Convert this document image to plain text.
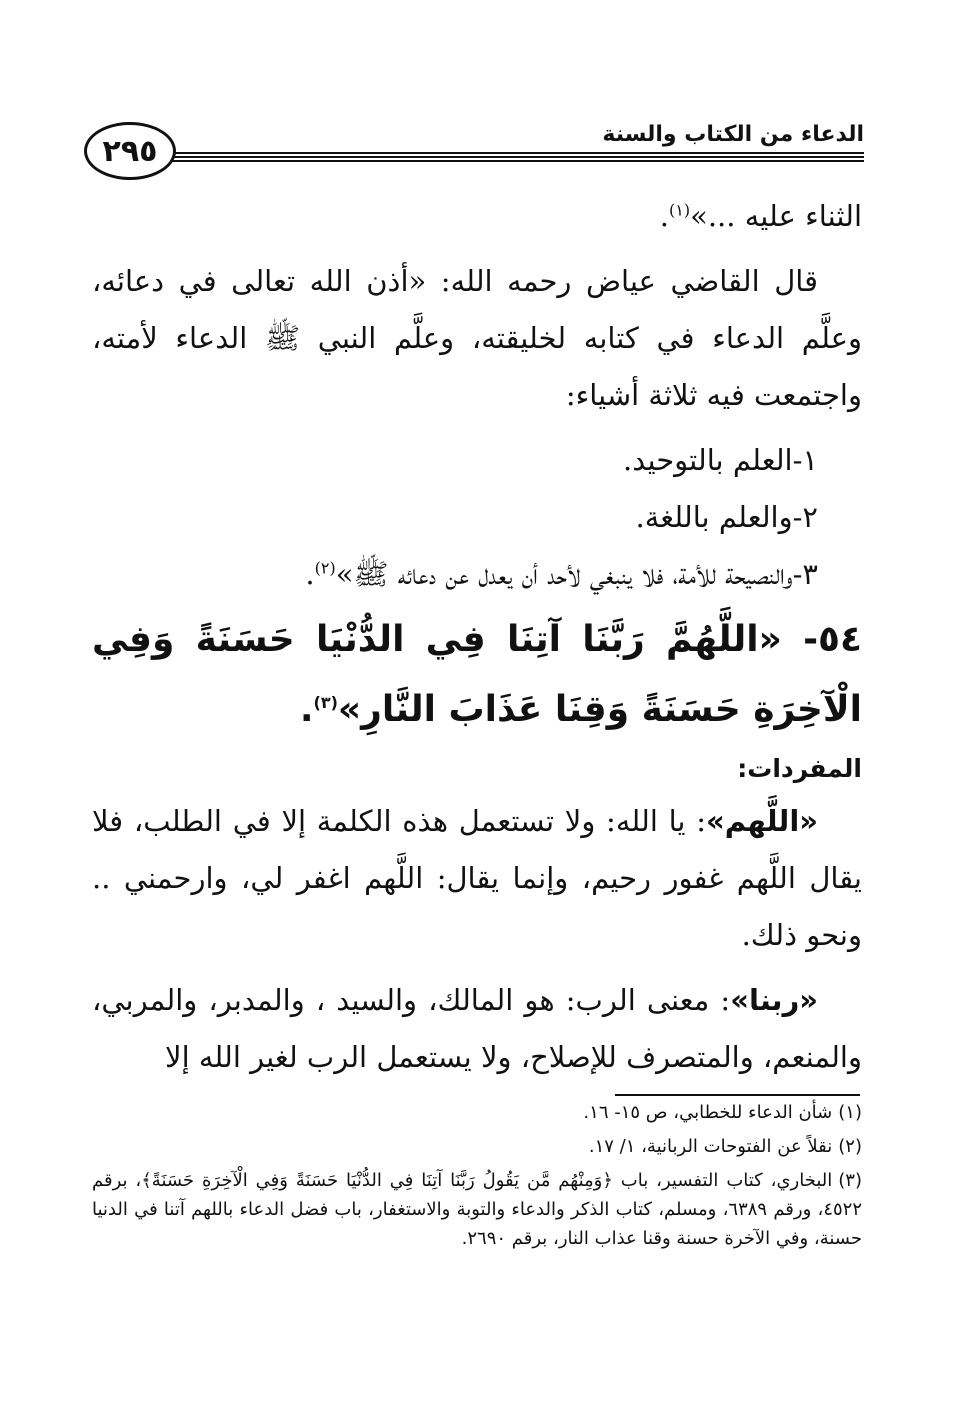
الدعاء من الكتاب والسنة
٢٩٥

الثناء عليه ...»$^{(١)}$.

قال القاضي عياض رحمه الله: «أذن الله تعالى في دعائه، وعلَّم الدعاء في كتابه لخليقته، وعلَّم النبي ﷺ الدعاء لأمته، واجتمعت فيه ثلاثة أشياء:

١-العلم بالتوحيد.

٢-والعلم باللغة.

٣-والنصيحة للأمة، فلا ينبغي لأحد أن يعدل عن دعائه ﷺ»$^{(٢)}$.

٥٤- «اللَّهُمَّ رَبَّنَا آتِنَا فِي الدُّنْيَا حَسَنَةً وَفِي الْآخِرَةِ حَسَنَةً وَقِنَا عَذَابَ النَّارِ»$^{(٣)}$.

المفردات:

«اللَّهم»: يا الله: ولا تستعمل هذه الكلمة إلا في الطلب، فلا يقال اللَّهم غفور رحيم، وإنما يقال: اللَّهم اغفر لي، وارحمني .. ونحو ذلك.

«ربنا»: معنى الرب: هو المالك، والسيد ، والمدبر، والمربي، والمنعم، والمتصرف للإصلاح، ولا يستعمل الرب لغير الله إلا

(١)شأن الدعاء للخطابي، ص ١٥- ١٦.

(٢)نقلاً عن الفتوحات الربانية، ١/ ١٧.

(٣)البخاري، كتاب التفسير، باب ﴿وَمِنْهُم مَّن يَقُولُ رَبَّنَا آتِنَا فِي الدُّنْيَا حَسَنَةً وَفِي الْآخِرَةِ حَسَنَةً﴾، برقم ٤٥٢٢، ورقم ٦٣٨٩، ومسلم، كتاب الذكر والدعاء والتوبة والاستغفار، باب فضل الدعاء باللهم آتنا في الدنيا حسنة، وفي الآخرة حسنة وقنا عذاب النار، برقم ٢٦٩٠.
